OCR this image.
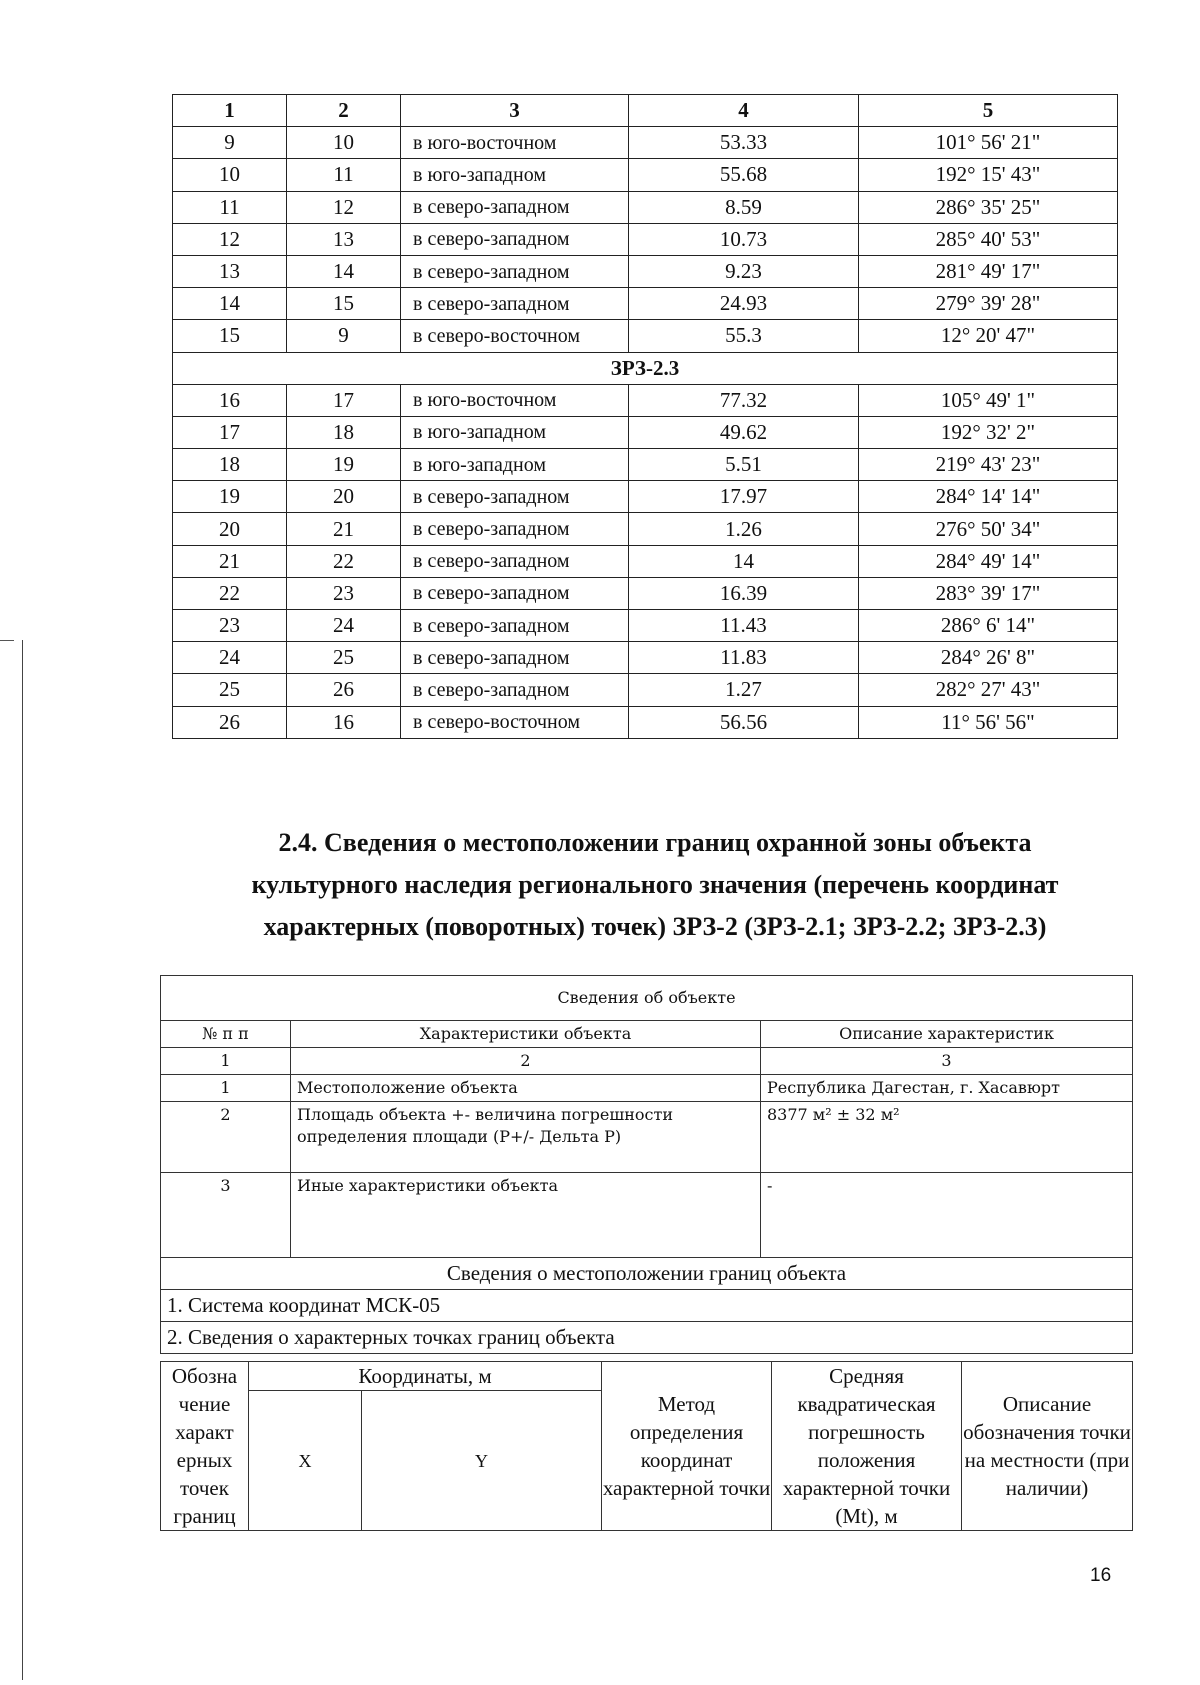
1	2	3	4	5
9	10	в юго-восточном	53.33	101° 56' 21"
10	11	в юго-западном	55.68	192° 15' 43"
11	12	в северо-западном	8.59	286° 35' 25"
12	13	в северо-западном	10.73	285° 40' 53"
13	14	в северо-западном	9.23	281° 49' 17"
14	15	в северо-западном	24.93	279° 39' 28"
15	9	в северо-восточном	55.3	12° 20' 47"
ЗРЗ-2.3				
16	17	в юго-восточном	77.32	105° 49' 1"
17	18	в юго-западном	49.62	192° 32' 2"
18	19	в юго-западном	5.51	219° 43' 23"
19	20	в северо-западном	17.97	284° 14' 14"
20	21	в северо-западном	1.26	276° 50' 34"
21	22	в северо-западном	14	284° 49' 14"
22	23	в северо-западном	16.39	283° 39' 17"
23	24	в северо-западном	11.43	286° 6' 14"
24	25	в северо-западном	11.83	284° 26' 8"
25	26	в северо-западном	1.27	282° 27' 43"
26	16	в северо-восточном	56.56	11° 56' 56"
2.4. Сведения о местоположении границ охранной зоны объекта
культурного наследия регионального значения (перечень координат
характерных (поворотных) точек) ЗРЗ-2 (ЗРЗ-2.1; ЗРЗ-2.2; ЗРЗ-2.3)
Сведения об объекте		
№ п п	Характеристики объекта	Описание характеристик
1	2	3
1	Местоположение объекта	Республика Дагестан, г. Хасавюрт
2	Площадь объекта +- величина погрешности определения площади (P+/- Дельта P)	8377 м² ± 32 м²
3	Иные характеристики объекта	-
Сведения о местоположении границ объекта		
1. Система координат МСК-05		
2. Сведения о характерных точках границ объекта		
Обозна чение характ ерных точек границ	Координаты, м		Метод определения координат характерной точки	Средняя квадратическая погрешность положения характерной точки (Mt), м	Описание обозначения точки на местности (при наличии)
	X	Y			
16
